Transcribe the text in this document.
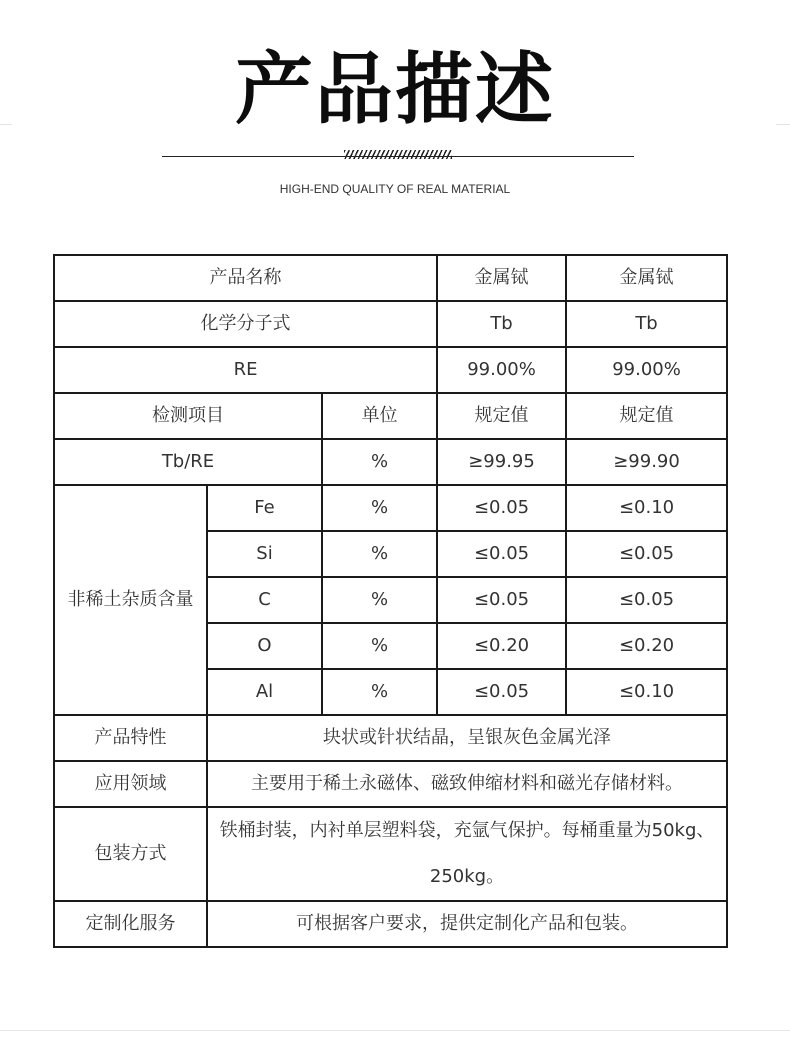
产品描述
HIGH-END QUALITY OF REAL MATERIAL
产品名称			金属铽	金属铽
化学分子式			Tb	Tb
RE			99.00%	99.00%
检测项目		单位	规定值	规定值
Tb/RE		%	≥99.95	≥99.90
非稀土杂质含量	Fe	%	≤0.05	≤0.10
	Si	%	≤0.05	≤0.05
	C	%	≤0.05	≤0.05
	O	%	≤0.20	≤0.20
	Al	%	≤0.05	≤0.10
产品特性	块状或针状结晶，呈银灰色金属光泽			
应用领域	主要用于稀土永磁体、磁致伸缩材料和磁光存储材料。			
包装方式	铁桶封装，内衬单层塑料袋，充氩气保护。每桶重量为50kg、250kg。			
定制化服务	可根据客户要求，提供定制化产品和包装。			
